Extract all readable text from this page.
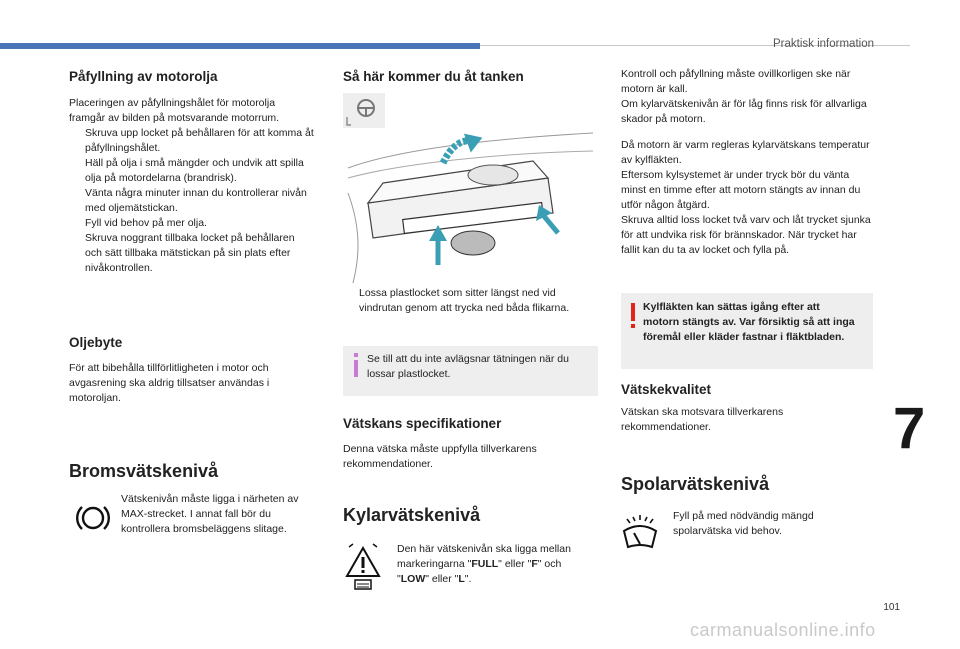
Praktisk information
Påfyllning av motorolja

Placeringen av påfyllningshålet för motorolja framgår av bilden på motsvarande motorrum.

Skruva upp locket på behållaren för att komma åt påfyllningshålet.

Häll på olja i små mängder och undvik att spilla olja på motordelarna (brandrisk).

Vänta några minuter innan du kontrollerar nivån med oljemätstickan.

Fyll vid behov på mer olja.

Skruva noggrant tillbaka locket på behållaren och sätt tillbaka mätstickan på sin plats efter nivåkontrollen.

Oljebyte
För att bibehålla tillförlitligheten i motor och avgasrening ska aldrig tillsatser användas i motoroljan.
Bromsvätskenivå
Vätskenivån måste ligga i närheten av MAX-strecket. I annat fall bör du kontrollera bromsbeläggens slitage.
Så här kommer du åt tanken

Lossa plastlocket som sitter längst ned vid vindrutan genom att trycka ned båda flikarna.

Se till att du inte avlägsnar tätningen när du lossar plastlocket.
Vätskans specifikationer
Denna vätska måste uppfylla tillverkarens rekommendationer.
Kylarvätskenivå
Den här vätskenivån ska ligga mellan markeringarna "FULL" eller "F" och "LOW" eller "L".

Kontroll och påfyllning måste ovillkorligen ske när motorn är kall.

Om kylarvätskenivån är för låg finns risk för allvarliga skador på motorn.

Då motorn är varm regleras kylarvätskans temperatur av kylfläkten.

Eftersom kylsystemet är under tryck bör du vänta minst en timme efter att motorn stängts av innan du utför någon åtgärd.

Skruva alltid loss locket två varv och låt trycket sjunka för att undvika risk för brännskador. När trycket har fallit kan du ta av locket och fylla på.

Kylfläkten kan sättas igång efter att motorn stängts av. Var försiktig så att inga föremål eller kläder fastnar i fläktbladen.
Vätskekvalitet
Vätskan ska motsvara tillverkarens rekommendationer.
Spolarvätskenivå
Fyll på med nödvändig mängd spolarvätska vid behov.
7
101
carmanualsonline.info
